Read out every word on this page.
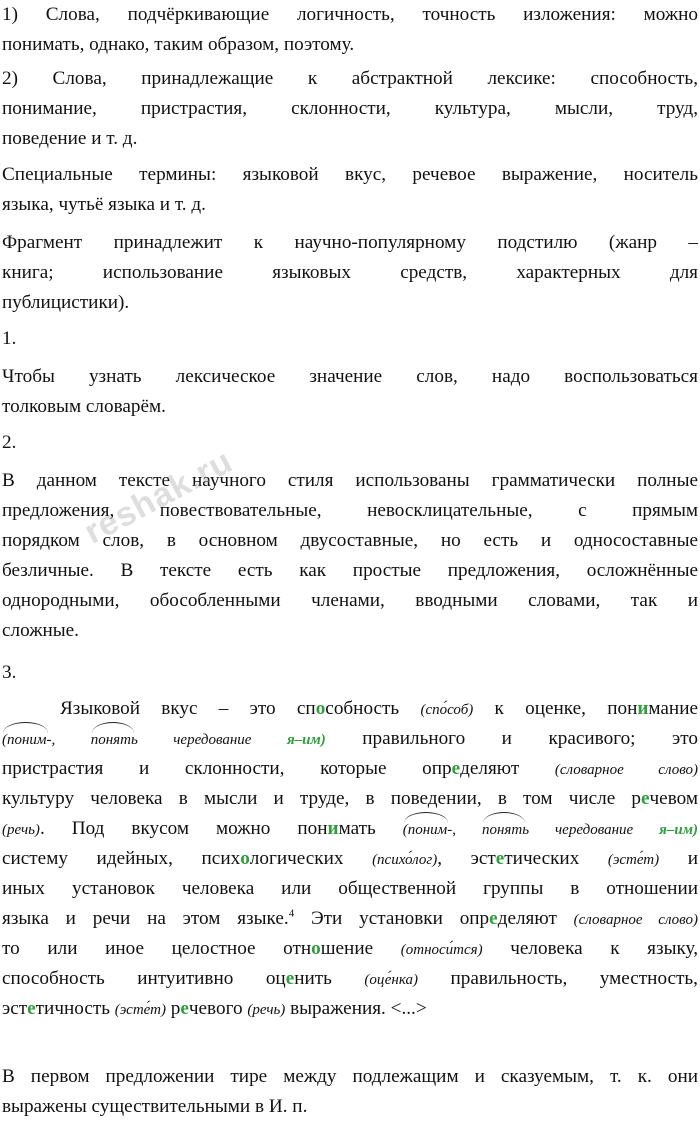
1) Слова, подчёркивающие логичность, точность изложения: можно
понимать, однако, таким образом, поэтому.
2) Слова, принадлежащие к абстрактной лексике: способность,
понимание, пристрастия, склонности, культура, мысли, труд,
поведение и т. д.
Специальные термины: языковой вкус, речевое выражение, носитель
языка, чутьё языка и т. д.
Фрагмент принадлежит к научно-популярному подстилю (жанр –
книга; использование языковых средств, характерных для
публицистики).
1.
Чтобы узнать лексическое значение слов, надо воспользоваться
толковым словарём.
2.
В данном тексте научного стиля использованы грамматически полные
предложения, повествовательные, невосклицательные, с прямым
порядком слов, в основном двусоставные, но есть и односоставные
безличные. В тексте есть как простые предложения, осложнённые
однородными, обособленными членами, вводными словами, так и
сложные.
3.
Языковой вкус – это способность (спо́соб) к оценке, понимание
(поним-, понять чередование я–им) правильного и красивого; это
пристрастия и склонности, которые определяют (словарное слово)
культуру человека в мысли и труде, в поведении, в том числе речевом
(речь). Под вкусом можно понимать (поним-, понять чередование я–им)
систему идейных, психологических (психо́лог), эстетических (эсте́т) и
иных установок человека или общественной группы в отношении
языка и речи на этом языке.$^4$ Эти установки определяют (словарное слово)
то или иное целостное отношение (относи́тся) человека к языку,
способность интуитивно оценить (оце́нка) правильность, уместность,
эстетичность (эсте́т) речевого (речь) выражения. <...>
В первом предложении тире между подлежащим и сказуемым, т. к. они
выражены существительными в И. п.
reshak.ru
